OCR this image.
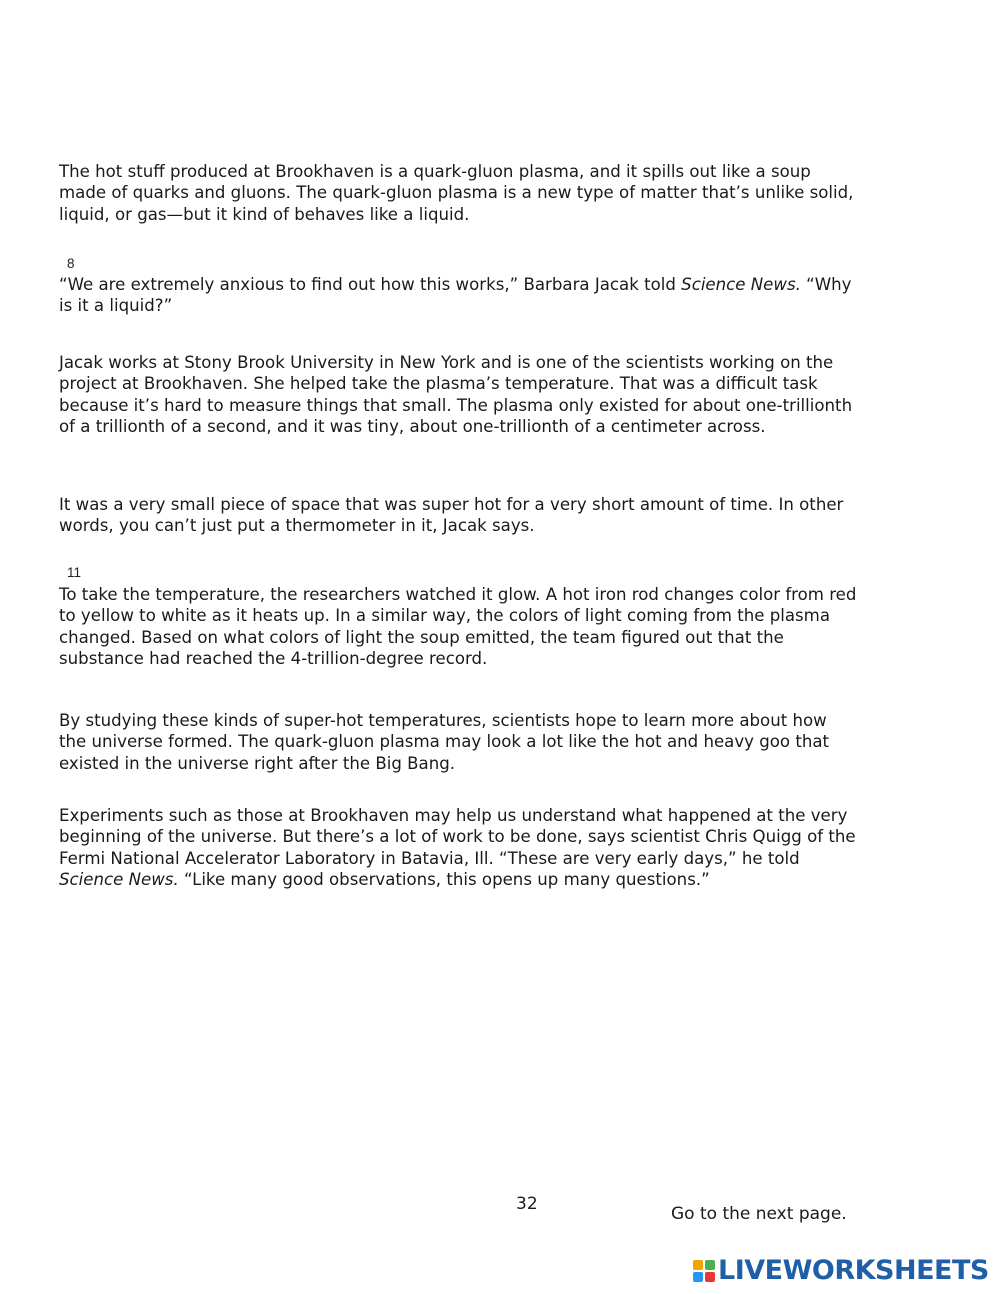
8
11

The hot stuff produced at Brookhaven is a quark-gluon plasma, and it spills out like a soup made of quarks and gluons. The quark-gluon plasma is a new type of matter that’s unlike solid, liquid, or gas—but it kind of behaves like a liquid.

“We are extremely anxious to find out how this works,” Barbara Jacak told Science News. “Why is it a liquid?”

Jacak works at Stony Brook University in New York and is one of the scientists working on the project at Brookhaven. She helped take the plasma’s temperature. That was a difficult task because it’s hard to measure things that small. The plasma only existed for about one-trillionth of a trillionth of a second, and it was tiny, about one-trillionth of a centimeter across.

It was a very small piece of space that was super hot for a very short amount of time. In other words, you can’t just put a thermometer in it, Jacak says.

To take the temperature, the researchers watched it glow. A hot iron rod changes color from red to yellow to white as it heats up. In a similar way, the colors of light coming from the plasma changed. Based on what colors of light the soup emitted, the team figured out that the substance had reached the 4-trillion-degree record.

By studying these kinds of super-hot temperatures, scientists hope to learn more about how the universe formed. The quark-gluon plasma may look a lot like the hot and heavy goo that existed in the universe right after the Big Bang.

Experiments such as those at Brookhaven may help us understand what happened at the very beginning of the universe. But there’s a lot of work to be done, says scientist Chris Quigg of the Fermi National Accelerator Laboratory in Batavia, Ill. “These are very early days,” he told Science News. “Like many good observations, this opens up many questions.”

32	Go to the next page.
LIVEWORKSHEETS
